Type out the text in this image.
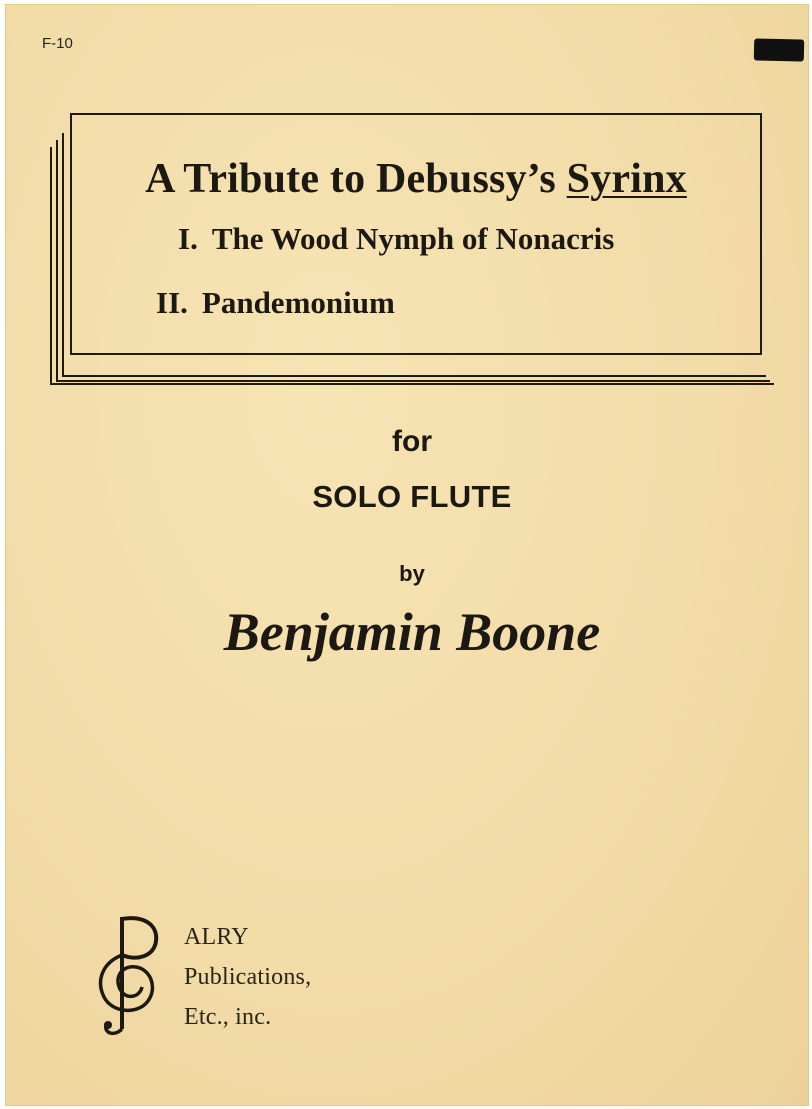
F-10
A Tribute to Debussy’s Syrinx
I. The Wood Nymph of Nonacris
II. Pandemonium
for
SOLO FLUTE
by
Benjamin Boone
ALRY
Publications,
Etc., inc.
